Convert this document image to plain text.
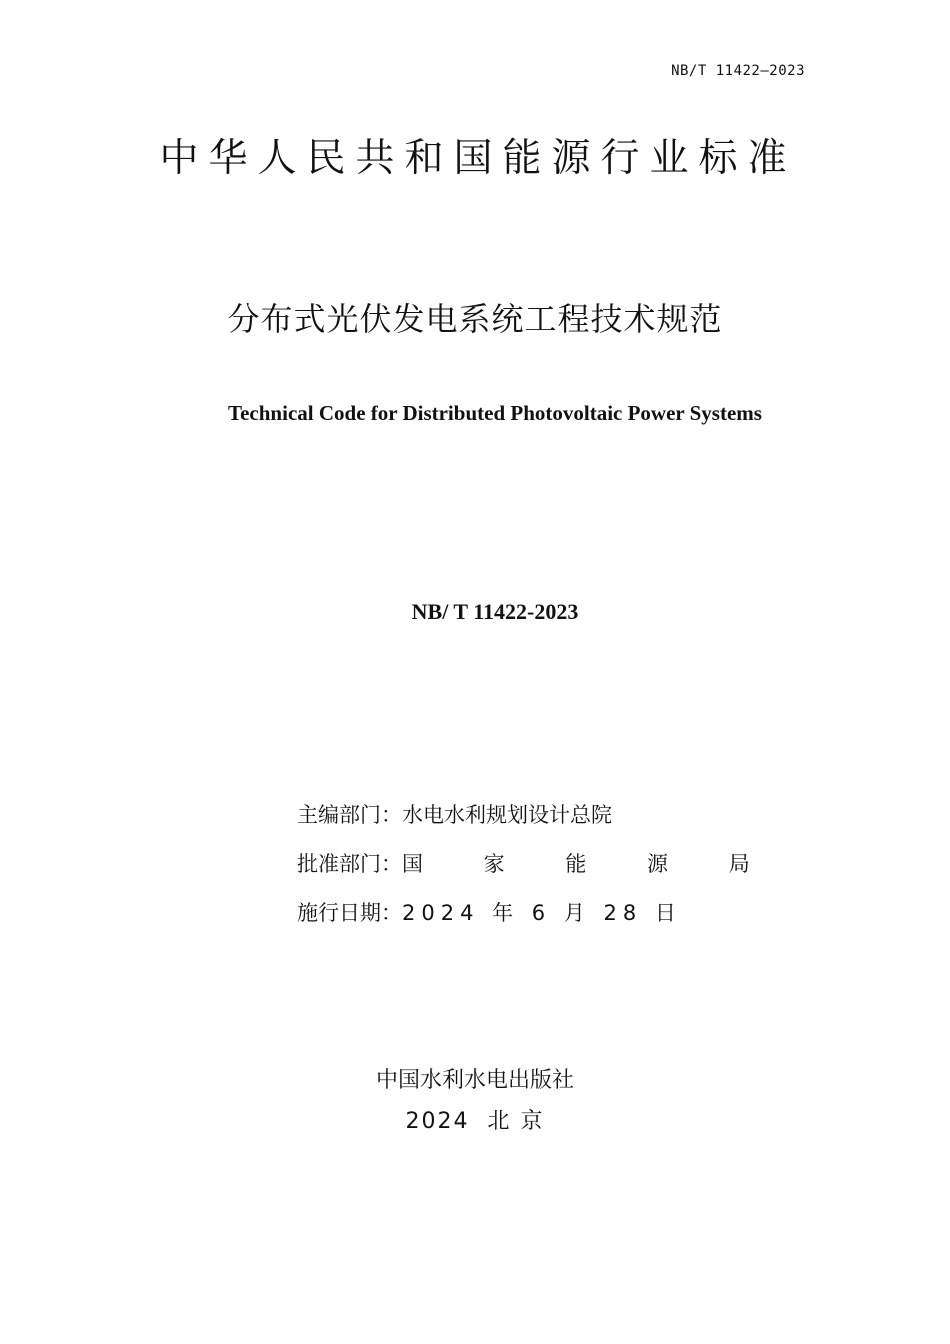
NB/T 11422—2023
中华人民共和国能源行业标准
分布式光伏发电系统工程技术规范
Technical Code for Distributed Photovoltaic Power Systems
NB/ T 11422-2023
主编部门：水电水利规划设计总院
批准部门：国 家 能 源 局
施行日期：2024 年 6 月 28 日
中国水利水电出版社
2024 北 京
